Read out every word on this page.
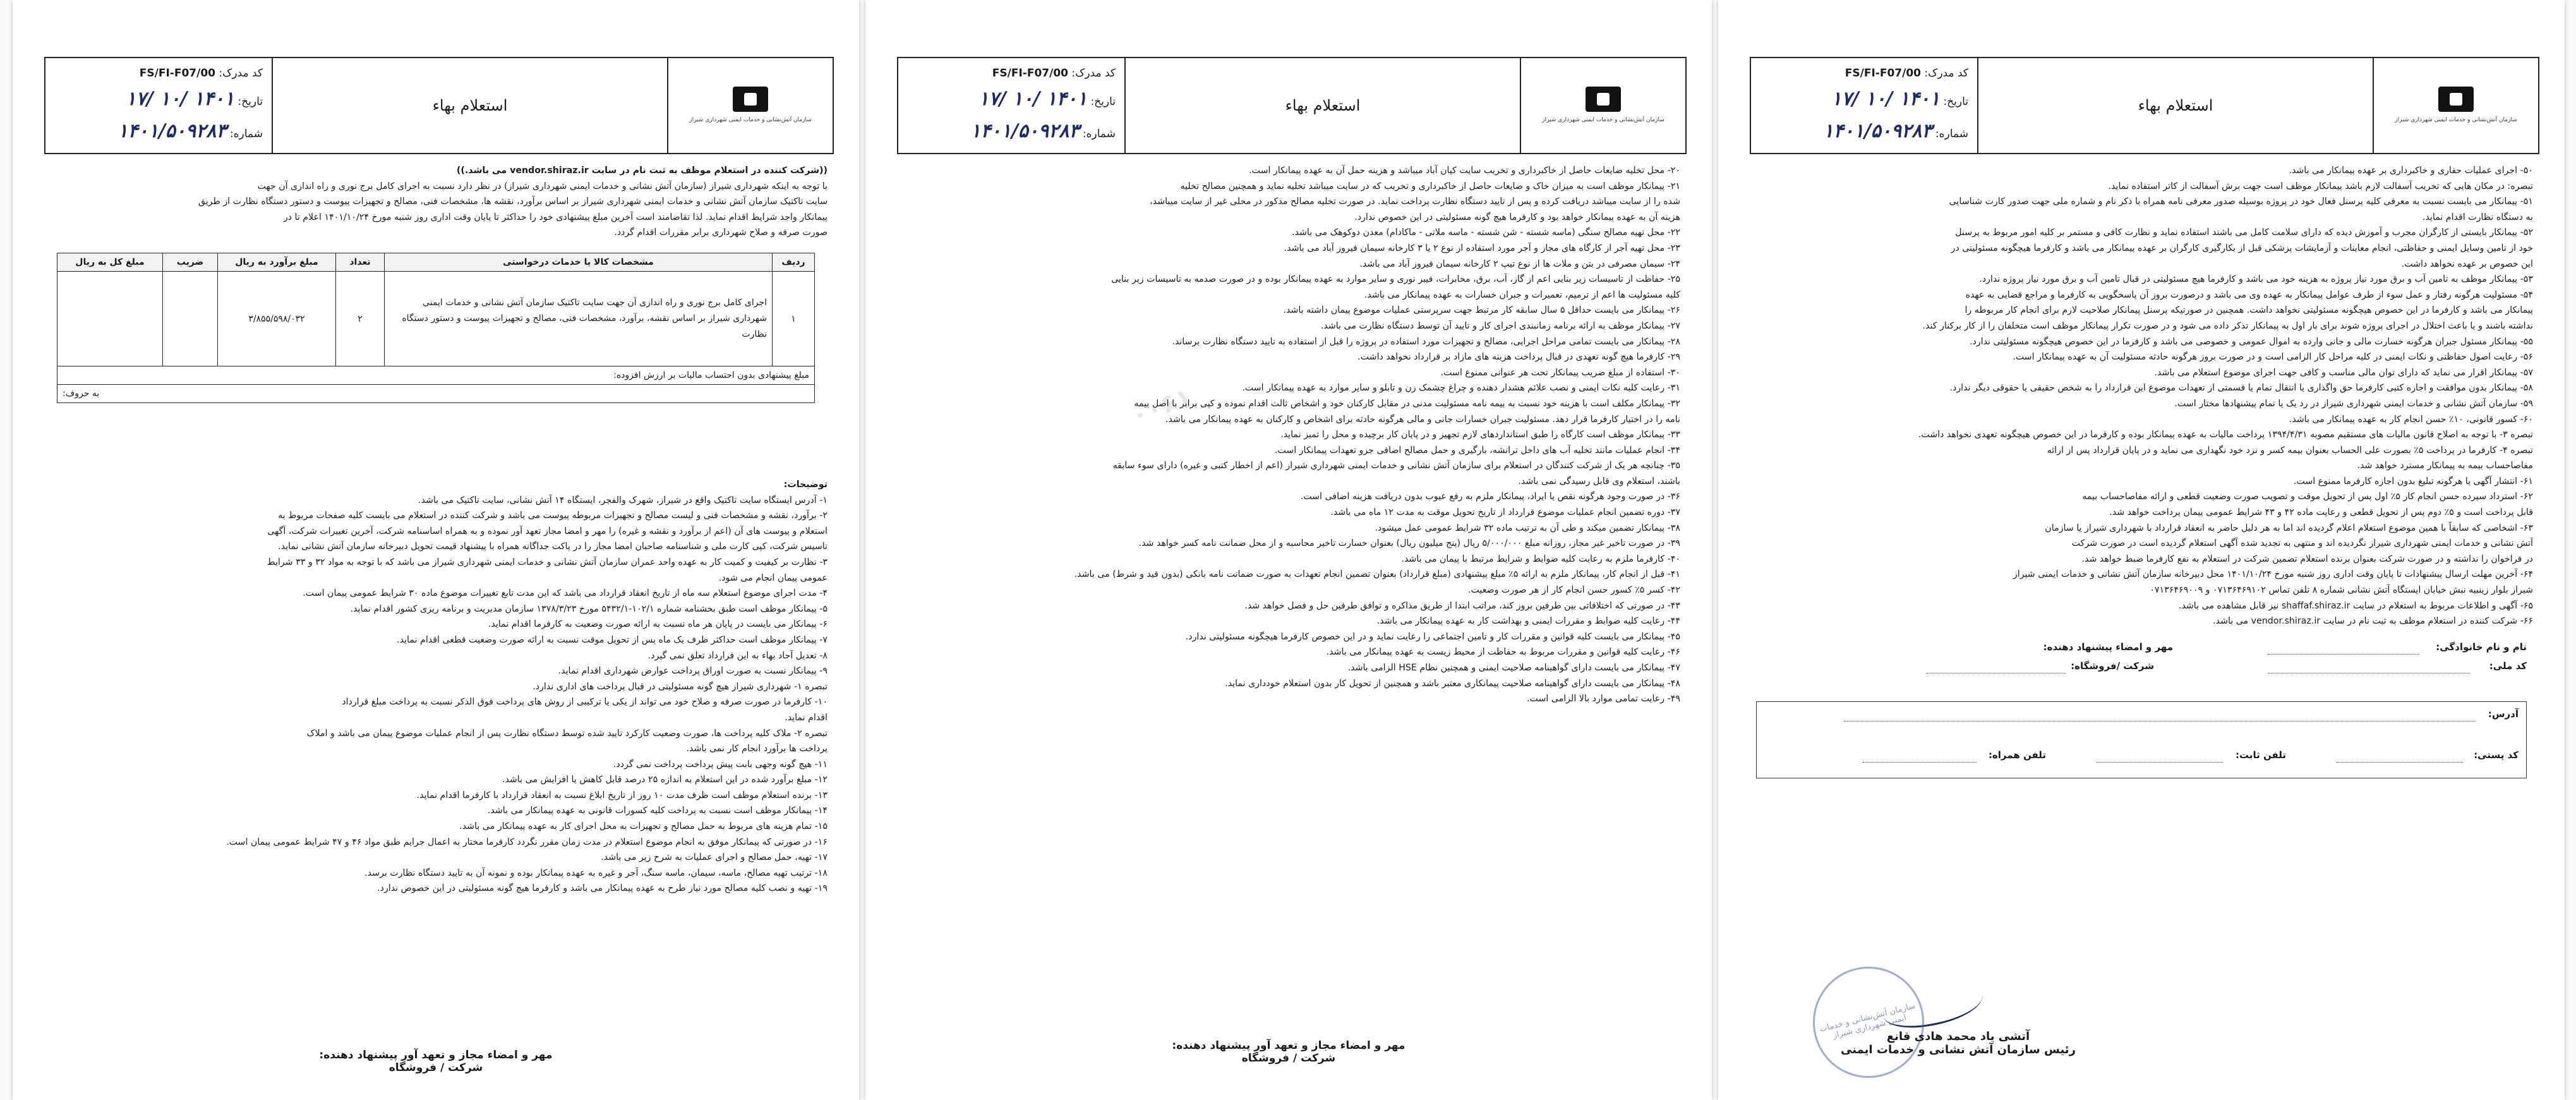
سازمان آتش‌نشانی و خدمات ایمنی شهرداری شیراز
استعلام بهاء
کد مدرک: FS/FI-F07/00
تاریخ: ۱۴۰۱ /۱۰ /۱۷
شماره: ۱۴۰۱/۵۰۹۲۸۳
((شرکت کننده در استعلام موظف به ثبت نام در سایت vendor.shiraz.ir می باشد.))
با توجه به اینکه شهرداری شیراز (سازمان آتش نشانی و خدمات ایمنی شهرداری شیراز) در نظر دارد نسبت به اجرای کامل برج نوری و راه اندازی آن جهت
سایت تاکتیک سازمان آتش نشانی و خدمات ایمنی شهرداری شیراز بر اساس برآورد، نقشه ها، مشخصات فنی، مصالح و تجهیزات پیوست و دستور دستگاه نظارت از طریق
پیمانکار واجد شرایط اقدام نماید. لذا تقاضامند است آخرین مبلغ پیشنهادی خود را حداکثر تا پایان وقت اداری روز شنبه مورخ ۱۴۰۱/۱۰/۲۴ اعلام تا در
صورت صرفه و صلاح شهرداری برابر مقررات اقدام گردد.
ردیف	مشخصات کالا یا خدمات درخواستی	تعداد	مبلغ برآورد به ریال	ضریب	مبلغ کل به ریال
۱	اجرای کامل برج نوری و راه اندازی آن جهت سایت تاکتیک سازمان آتش نشانی و خدمات ایمنی شهرداری شیراز بر اساس نقشه، برآورد، مشخصات فنی، مصالح و تجهیزات پیوست و دستور دستگاه نظارت	۲	۳/۸۵۵/۵۹۸/۰۳۲		
مبلغ پیشنهادی بدون احتساب مالیات بر ارزش افزوده:					
به حروف:					
توضیحات:
۱- آدرس ایستگاه سایت تاکتیک واقع در شیراز، شهرک والفجر، ایستگاه ۱۴ آتش نشانی، سایت تاکتیک می باشد.
۲- برآورد، نقشه و مشخصات فنی و لیست مصالح و تجهیزات مربوطه پیوست می باشد و شرکت کننده در استعلام می بایست کلیه صفحات مربوط به
استعلام و پیوست های آن (اعم از برآورد و نقشه و غیره) را مهر و امضا مجاز تعهد آور نموده و به همراه اساسنامه شرکت، آخرین تغییرات شرکت، آگهی
تاسیس شرکت، کپی کارت ملی و شناسنامه صاحبان امضا مجاز را در پاکت جداگانه همراه با پیشنهاد قیمت تحویل دبیرخانه سازمان آتش نشانی نماید.
۳- نظارت بر کیفیت و کمیت کار به عهده واحد عمران سازمان آتش نشانی و خدمات ایمنی شهرداری شیراز می باشد که با توجه به مواد ۳۲ و ۳۳ شرایط
عمومی پیمان انجام می شود.
۴- مدت اجرای موضوع استعلام سه ماه از تاریخ انعقاد قرارداد می باشد که این مدت تابع تغییرات موضوع ماده ۳۰ شرایط عمومی پیمان است.
۵- پیمانکار موظف است طبق بخشنامه شماره ۱۰۲/۱-۵۴۳۲/۱ مورخ ۱۳۷۸/۳/۲۳ سازمان مدیریت و برنامه ریزی کشور اقدام نماید.
۶- پیمانکار می بایست در پایان هر ماه نسبت به ارائه صورت وضعیت به کارفرما اقدام نماید.
۷- پیمانکار موظف است حداکثر ظرف یک ماه پس از تحویل موقت نسبت به ارائه صورت وضعیت قطعی اقدام نماید.
۸- تعدیل آحاد بهاء به این قرارداد تعلق نمی گیرد.
۹- پیمانکار نسبت به صورت اوراق پرداخت عوارض شهرداری اقدام نماید.
تبصره ۱- شهرداری شیراز هیچ گونه مسئولیتی در قبال پرداخت های اداری ندارد.
۱۰- کارفرما در صورت صرفه و صلاح خود می تواند از یکی یا ترکیبی از روش های پرداخت فوق الذکر نسبت به پرداخت مبلغ قرارداد
اقدام نماید.
تبصره ۲- ملاک کلیه پرداخت ها، صورت وضعیت کارکرد تایید شده توسط دستگاه نظارت پس از انجام عملیات موضوع پیمان می باشد و املاک
پرداخت ها برآورد انجام کار نمی باشد.
۱۱- هیچ گونه وجهی بابت پیش پرداخت پرداخت نمی گردد.
۱۲- مبلغ برآورد شده در این استعلام به اندازه ۲۵ درصد قابل کاهش یا افزایش می باشد.
۱۳- برنده استعلام موظف است ظرف مدت ۱۰ روز از تاریخ ابلاغ نسبت به انعقاد قرارداد با کارفرما اقدام نماید.
۱۴- پیمانکار موظف است نسبت به پرداخت کلیه کسورات قانونی به عهده پیمانکار می باشد.
۱۵- تمام هزینه های مربوط به حمل مصالح و تجهیزات به محل اجرای کار به عهده پیمانکار می باشد.
۱۶- در صورتی که پیمانکار موفق به انجام موضوع استعلام در مدت زمان مقرر نگردد کارفرما مختار به اعمال جرایم طبق مواد ۴۶ و ۴۷ شرایط عمومی پیمان است.
۱۷- تهیه، حمل مصالح و اجرای عملیات به شرح زیر می باشد.
۱۸- ترتیب تهیه مصالح، ماسه، سیمان، ماسه سنگ، آجر و غیره به عهده پیمانکار بوده و نمونه آن به تایید دستگاه نظارت برسد.
۱۹- تهیه و نصب کلیه مصالح مورد نیاز طرح به عهده پیمانکار می باشد و کارفرما هیچ گونه مسئولیتی در این خصوص ندارد.
مهر و امضاء مجاز و تعهد آور پیشنهاد دهنده:
شرکت / فروشگاه
سازمان آتش‌نشانی و خدمات ایمنی شهرداری شیراز
استعلام بهاء
کد مدرک: FS/FI-F07/00
تاریخ: ۱۴۰۱ /۱۰ /۱۷
شماره: ۱۴۰۱/۵۰۹۲۸۳
۰۰۶۱
۲۰- محل تخلیه ضایعات حاصل از خاکبرداری و تخریب سایت کیان آباد میباشد و هزینه حمل آن به عهده پیمانکار است.
۲۱- پیمانکار موظف است به میزان خاک و ضایعات حاصل از خاکبرداری و تخریب که در سایت میباشد تخلیه نماید و همچنین مصالح تخلیه
شده را از سایت میباشد دریافت کرده و پس از تایید دستگاه نظارت پرداخت نماید. در صورت تخلیه مصالح مذکور در محلی غیر از سایت میباشد،
هزینه آن به عهده پیمانکار خواهد بود و کارفرما هیچ گونه مسئولیتی در این خصوص ندارد.
۲۲- محل تهیه مصالح سنگی (ماسه شسته - شن شسته - ماسه ملاتی - ماکادام) معدن دوکوهک می باشد.
۲۳- محل تهیه آجر از کارگاه های مجاز و آجر مورد استفاده از نوع ۲ یا ۳ کارخانه سیمان فیروز آباد می باشد.
۲۴- سیمان مصرفی در بتن و ملات ها از نوع تیپ ۲ کارخانه سیمان فیروز آباد می باشد.
۲۵- حفاظت از تاسیسات زیر بنایی اعم از گاز، آب، برق، مخابرات، فیبر نوری و سایر موارد به عهده پیمانکار بوده و در صورت صدمه به تاسیسات زیر بنایی
کلیه مسئولیت ها اعم از ترمیم، تعمیرات و جبران خسارات به عهده پیمانکار می باشد.
۲۶- پیمانکار می بایست حداقل ۵ سال سابقه کار مرتبط جهت سرپرستی عملیات موضوع پیمان داشته باشد.
۲۷- پیمانکار موظف به ارائه برنامه زمانبندی اجرای کار و تایید آن توسط دستگاه نظارت می باشد.
۲۸- پیمانکار می بایست تمامی مراحل اجرایی، مصالح و تجهیزات مورد استفاده در پروژه را قبل از استفاده به تایید دستگاه نظارت برساند.
۲۹- کارفرما هیچ گونه تعهدی در قبال پرداخت هزینه های مازاد بر قرارداد نخواهد داشت.
۳۰- استفاده از مبلغ ضریب پیمانکار تحت هر عنوانی ممنوع است.
۳۱- رعایت کلیه نکات ایمنی و نصب علائم هشدار دهنده و چراغ چشمک زن و تابلو و سایر موارد به عهده پیمانکار است.
۳۲- پیمانکار مکلف است با هزینه خود نسبت به بیمه نامه مسئولیت مدنی در مقابل کارکنان خود و اشخاص ثالث اقدام نموده و کپی برابر با اصل بیمه
نامه را در اختیار کارفرما قرار دهد. مسئولیت جبران خسارات جانی و مالی هرگونه حادثه برای اشخاص و کارکنان به عهده پیمانکار می باشد.
۳۳- پیمانکار موظف است کارگاه را طبق استانداردهای لازم تجهیز و در پایان کار برچیده و محل را تمیز نماید.
۳۴- انجام عملیات مانند تخلیه آب های داخل ترانشه، بارگیری و حمل مصالح اضافی جزو تعهدات پیمانکار است.
۳۵- چنانچه هر یک از شرکت کنندگان در استعلام برای سازمان آتش نشانی و خدمات ایمنی شهرداری شیراز (اعم از اخطار کتبی و غیره) دارای سوء سابقه
باشند، استعلام وی قابل رسیدگی نمی باشد.
۳۶- در صورت وجود هرگونه نقص یا ایراد، پیمانکار ملزم به رفع عیوب بدون دریافت هزینه اضافی است.
۳۷- دوره تضمین انجام عملیات موضوع قرارداد از تاریخ تحویل موقت به مدت ۱۲ ماه می باشد.
۳۸- پیمانکار تضمین میکند و طی آن به ترتیب ماده ۳۲ شرایط عمومی عمل میشود.
۳۹- در صورت تاخیر غیر مجاز، روزانه مبلغ ۵/۰۰۰/۰۰۰ ریال (پنج میلیون ریال) بعنوان خسارت تاخیر محاسبه و از محل ضمانت نامه کسر خواهد شد.
۴۰- کارفرما ملزم به رعایت کلیه ضوابط و شرایط مرتبط با پیمان می باشد.
۴۱- قبل از انجام کار، پیمانکار ملزم به ارائه ۵٪ مبلغ پیشنهادی (مبلغ قرارداد) بعنوان تضمین انجام تعهدات به صورت ضمانت نامه بانکی (بدون قید و شرط) می باشد.
۴۲- کسر ۵٪ کسور حسن انجام کار از هر صورت وضعیت.
۴۳- در صورتی که اختلافاتی بین طرفین بروز کند، مراتب ابتدا از طریق مذاکره و توافق طرفین حل و فصل خواهد شد.
۴۴- رعایت کلیه ضوابط و مقررات ایمنی و بهداشت کار به عهده پیمانکار می باشد.
۴۵- پیمانکار می بایست کلیه قوانین و مقررات کار و تامین اجتماعی را رعایت نماید و در این خصوص کارفرما هیچگونه مسئولیتی ندارد.
۴۶- رعایت کلیه قوانین و مقررات مربوط به حفاظت از محیط زیست به عهده پیمانکار می باشد.
۴۷- پیمانکار می بایست دارای گواهینامه صلاحیت ایمنی و همچنین نظام HSE الزامی باشد.
۴۸- پیمانکار می بایست دارای گواهینامه صلاحیت پیمانکاری معتبر باشد و همچنین از تحویل کار بدون استعلام خودداری نماید.
۴۹- رعایت تمامی موارد بالا الزامی است.
مهر و امضاء مجاز و تعهد آور پیشنهاد دهنده:
شرکت / فروشگاه
سازمان آتش‌نشانی و خدمات ایمنی شهرداری شیراز
استعلام بهاء
کد مدرک: FS/FI-F07/00
تاریخ: ۱۴۰۱ /۱۰ /۱۷
شماره: ۱۴۰۱/۵۰۹۲۸۳
۵۰- اجرای عملیات حفاری و خاکبرداری بر عهده پیمانکار می باشد.
تبصره: در مکان هایی که تخریب آسفالت لازم باشد پیمانکار موظف است جهت برش آسفالت از کاتر استفاده نماید.
۵۱- پیمانکار می بایست نسبت به معرفی کلیه پرسنل فعال خود در پروژه بوسیله صدور معرفی نامه همراه با ذکر نام و شماره ملی جهت صدور کارت شناسایی
به دستگاه نظارت اقدام نماید.
۵۲- پیمانکار بایستی از کارگران مجرب و آموزش دیده که دارای سلامت کامل می باشند استفاده نماید و نظارت کافی و مستمر بر کلیه امور مربوط به پرسنل
خود از تامین وسایل ایمنی و حفاظتی، انجام معاینات و آزمایشات پزشکی قبل از بکارگیری کارگران بر عهده پیمانکار می باشد و کارفرما هیچگونه مسئولیتی در
این خصوص بر عهده نخواهد داشت.
۵۳- پیمانکار موظف به تامین آب و برق مورد نیاز پروژه به هزینه خود می باشد و کارفرما هیچ مسئولیتی در قبال تامین آب و برق مورد نیاز پروژه ندارد.
۵۴- مسئولیت هرگونه رفتار و عمل سوء از طرف عوامل پیمانکار به عهده وی می باشد و درصورت بروز آن پاسخگویی به کارفرما و مراجع قضایی به عهده
پیمانکار می باشد و کارفرما در این خصوص هیچگونه مسئولیتی نخواهد داشت. همچنین در صورتیکه پرسنل پیمانکار صلاحیت لازم برای انجام کار مربوطه را
نداشته باشند و یا باعث اختلال در اجرای پروژه شوند برای بار اول به پیمانکار تذکر داده می شود و در صورت تکرار پیمانکار موظف است متخلفان را از کار برکنار کند.
۵۵- پیمانکار مسئول جبران هرگونه خسارت مالی و جانی وارده به اموال عمومی و خصوصی می باشد و کارفرما در این خصوص هیچگونه مسئولیتی ندارد.
۵۶- رعایت اصول حفاظتی و نکات ایمنی در کلیه مراحل کار الزامی است و در صورت بروز هرگونه حادثه مسئولیت آن به عهده پیمانکار است.
۵۷- پیمانکار اقرار می نماید که دارای توان مالی مناسب و کافی جهت اجرای موضوع استعلام می باشد.
۵۸- پیمانکار بدون موافقت و اجازه کتبی کارفرما حق واگذاری یا انتقال تمام یا قسمتی از تعهدات موضوع این قرارداد را به شخص حقیقی یا حقوقی دیگر ندارد.
۵۹- سازمان آتش نشانی و خدمات ایمنی شهرداری شیراز در رد یک یا تمام پیشنهادها مختار است.
۶۰- کسور قانونی، ۱۰٪ حسن انجام کار به عهده پیمانکار می باشد.
تبصره ۳- با توجه به اصلاح قانون مالیات های مستقیم مصوبه ۱۳۹۴/۴/۳۱ پرداخت مالیات به عهده پیمانکار بوده و کارفرما در این خصوص هیچگونه تعهدی نخواهد داشت.
تبصره ۴- کارفرما در پرداخت ۵٪ بصورت علی الحساب بعنوان بیمه کسر و نزد خود نگهداری می نماید و در پایان قرارداد پس از ارائه
مفاصاحساب بیمه به پیمانکار مسترد خواهد شد.
۶۱- انتشار آگهی یا هرگونه تبلیغ بدون اجازه کارفرما ممنوع است.
۶۲- استرداد سپرده حسن انجام کار ۵٪ اول پس از تحویل موقت و تصویب صورت وضعیت قطعی و ارائه مفاصاحساب بیمه
قابل پرداخت است و ۵٪ دوم پس از تحویل قطعی و رعایت ماده ۴۲ و ۴۳ شرایط عمومی پیمان پرداخت خواهد شد.
۶۳- اشخاصی که سابقاً با همین موضوع استعلام اعلام گردیده اند اما به هر دلیل حاضر به انعقاد قرارداد با شهرداری شیراز یا سازمان
آتش نشانی و خدمات ایمنی شهرداری شیراز نگردیده اند و منتهی به تجدید شده آگهی استعلام گردیده است در صورت شرکت
در فراخوان را نداشته و در صورت شرکت بعنوان برنده استعلام تضمین شرکت در استعلام به نفع کارفرما ضبط خواهد شد.
۶۴- آخرین مهلت ارسال پیشنهادات تا پایان وقت اداری روز شنبه مورخ ۱۴۰۱/۱۰/۲۴ محل دبیرخانه سازمان آتش نشانی و خدمات ایمنی شیراز
شیراز بلوار زینبیه نبش خیابان ایستگاه آتش نشانی شماره ۸ تلفن تماس ۰۷۱۳۶۴۶۹۱۰۲ و ۰۷۱۳۶۴۶۹۰۰۹
۶۵- آگهی و اطلاعات مربوط به استعلام در سایت shaffaf.shiraz.ir نیز قابل مشاهده می باشد.
۶۶- شرکت کننده در استعلام موظف به ثبت نام در سایت vendor.shiraz.ir می باشد.
نام و نام خانوادگی:
مهر و امضاء پیشنهاد دهنده:
کد ملی:
شرکت /فروشگاه:
آدرس:
کد پستی:
تلفن ثابت:
تلفن همراه:
سازمان آتش‌نشانی و خدمات ایمنی شهرداری شیراز
آتشی یاد محمد هادی قانع
رئیس سازمان آتش نشانی و خدمات ایمنی
